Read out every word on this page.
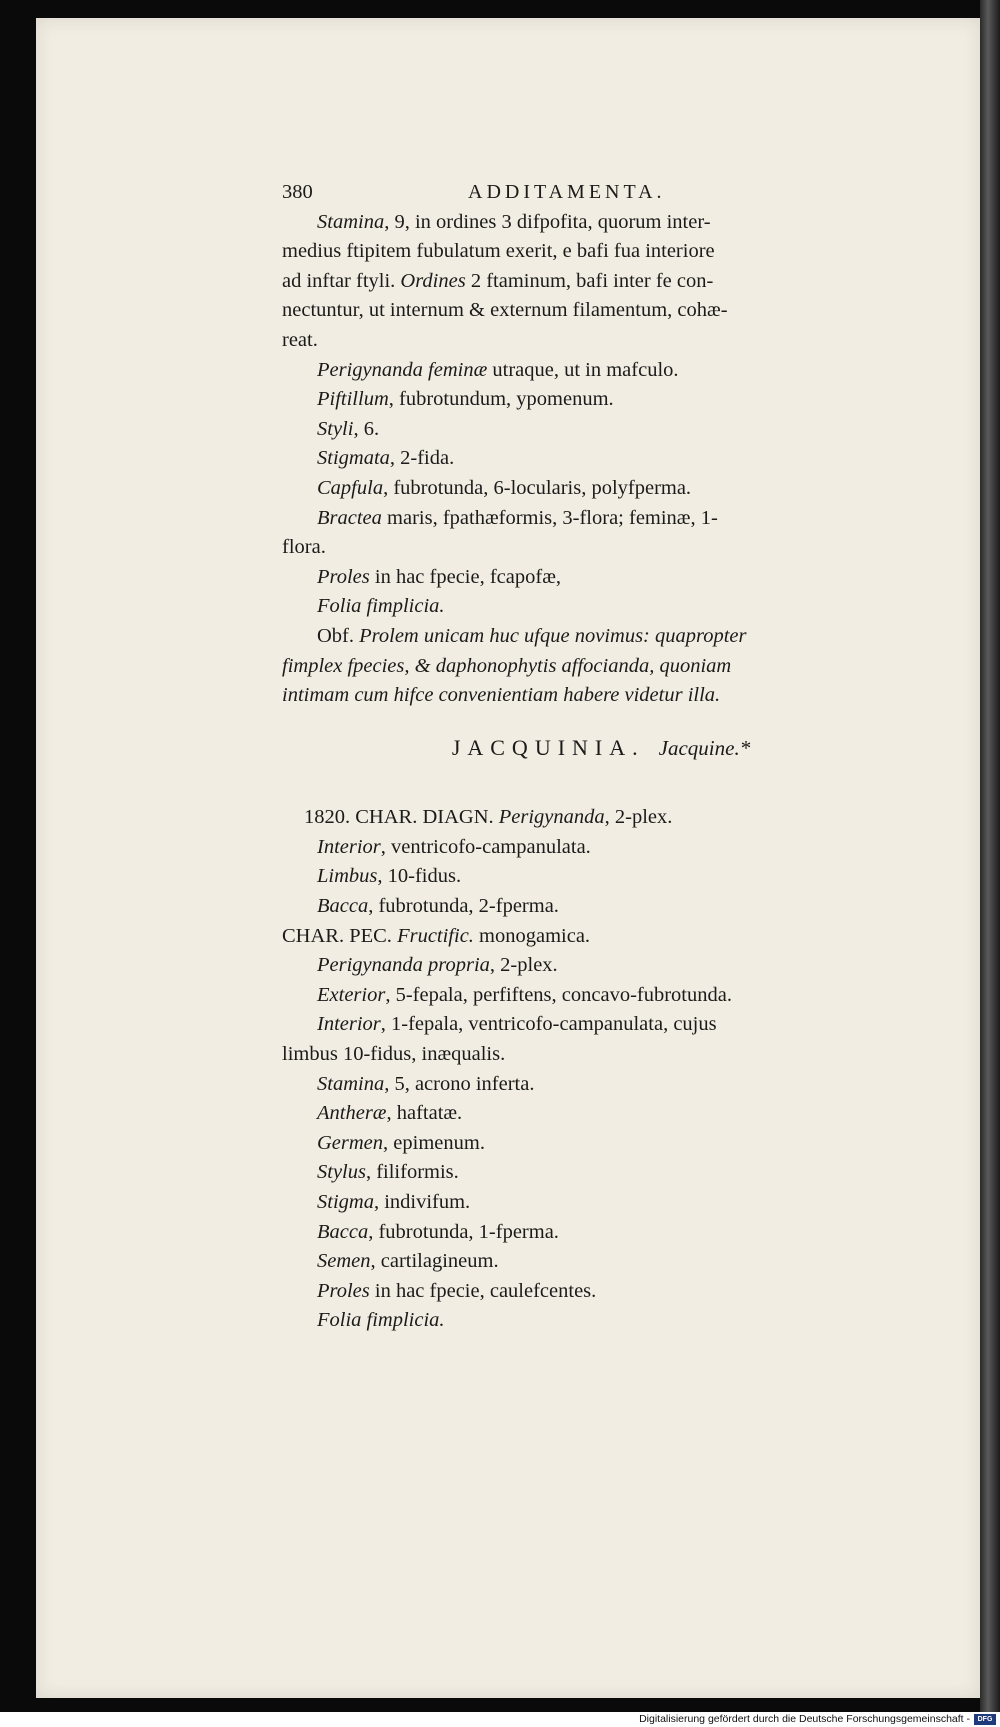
380	ADDITAMENTA.
Stamina, 9, in ordines 3 difpofita, quorum inter-
medius ftipitem fubulatum exerit, e bafi fua interiore
ad inftar ftyli. Ordines 2 ftaminum, bafi inter fe con-
nectuntur, ut internum & externum filamentum, cohæ-
reat.
Perigynanda feminæ utraque, ut in mafculo.
Piftillum, fubrotundum, ypomenum.
Styli, 6.
Stigmata, 2-fida.
Capfula, fubrotunda, 6-locularis, polyfperma.
Bractea maris, fpathæformis, 3-flora; feminæ, 1-
flora.
Proles in hac fpecie, fcapofæ,
Folia fimplicia.
Obf. Prolem unicam huc ufque novimus: quapropter
fimplex fpecies, & daphonophytis affocianda, quoniam
intimam cum hifce convenientiam habere videtur illa.
JACQUINIA. Jacquine.*
1820. CHAR. DIAGN. Perigynanda, 2-plex.
Interior, ventricofo-campanulata.
Limbus, 10-fidus.
Bacca, fubrotunda, 2-fperma.
CHAR. PEC. Fructific. monogamica.
Perigynanda propria, 2-plex.
Exterior, 5-fepala, perfiftens, concavo-fubrotunda.
Interior, 1-fepala, ventricofo-campanulata, cujus
limbus 10-fidus, inæqualis.
Stamina, 5, acrono inferta.
Antheræ, haftatæ.
Germen, epimenum.
Stylus, filiformis.
Stigma, indivifum.
Bacca, fubrotunda, 1-fperma.
Semen, cartilagineum.
Proles in hac fpecie, caulefcentes.
Folia fimplicia.
Digitalisierung gefördert durch die Deutsche Forschungsgemeinschaft -	DFG
